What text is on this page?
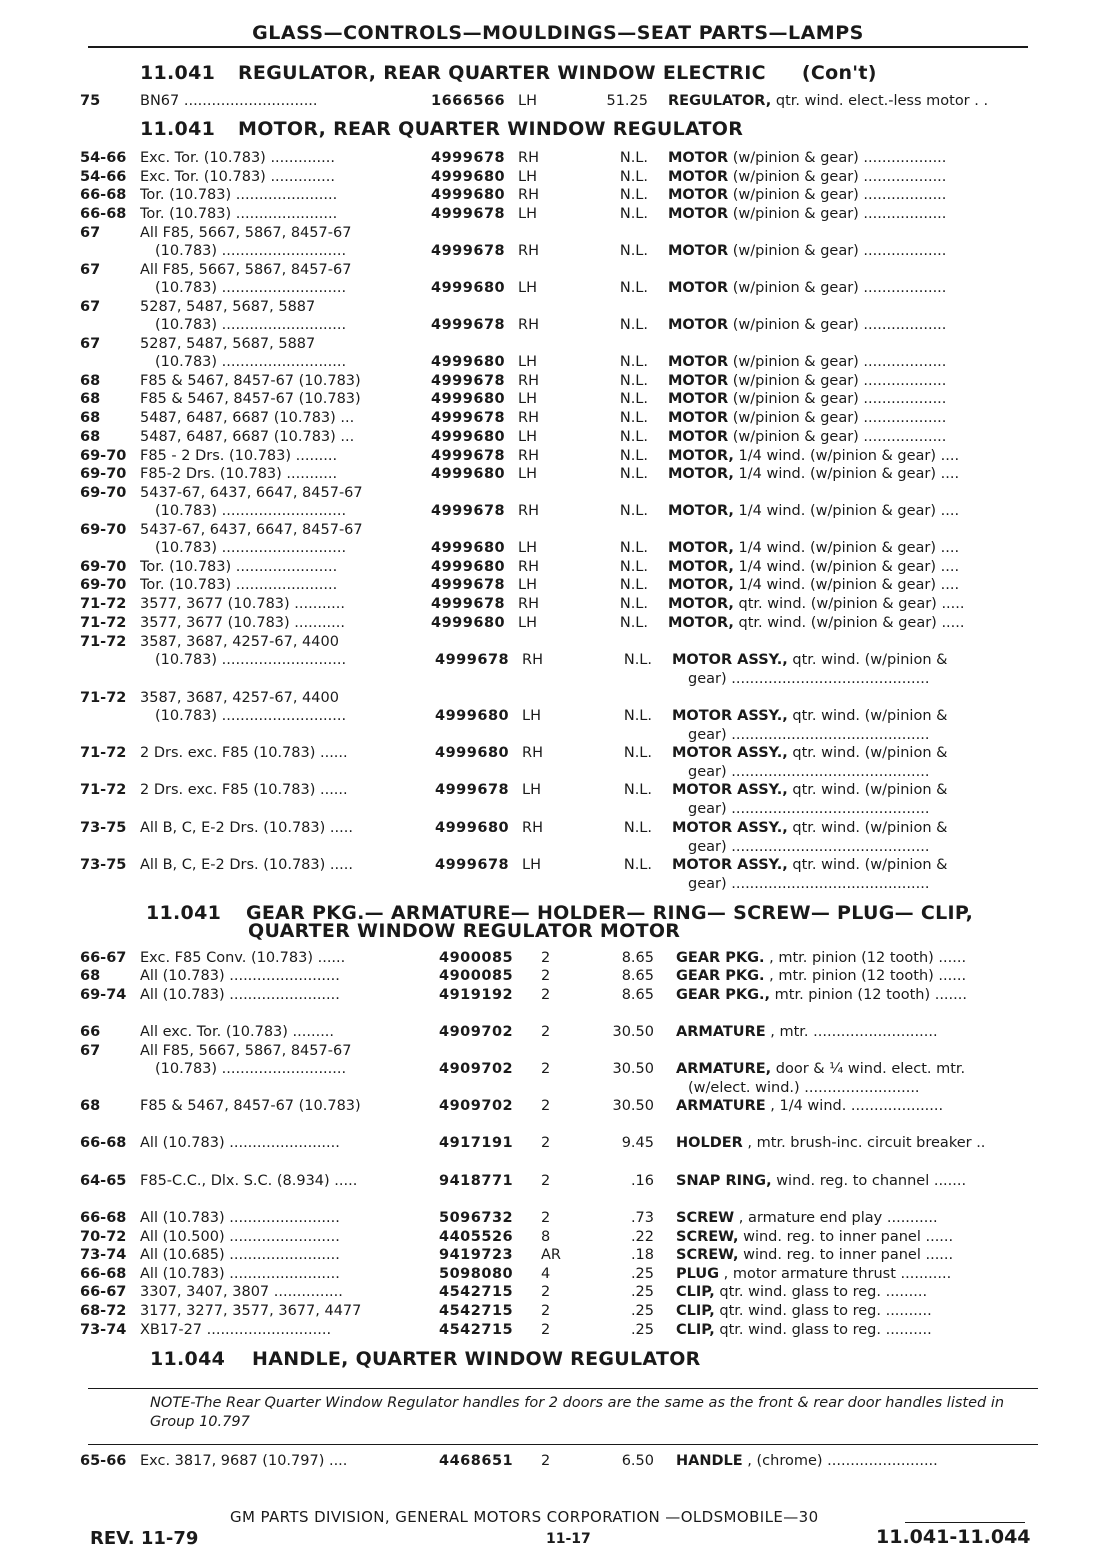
GLASS—CONTROLS—MOULDINGS—SEAT PARTS—LAMPS
11.041 REGULATOR, REAR QUARTER WINDOW ELECTRIC (Con't)
11.041 MOTOR, REAR QUARTER WINDOW REGULATOR
11.041 GEAR PKG.— ARMATURE— HOLDER— RING— SCREW— PLUG— CLIP,
QUARTER WINDOW REGULATOR MOTOR
11.044 HANDLE, QUARTER WINDOW REGULATOR
75	BN67 .............................	1666566 LH	51.25 REGULATOR, qtr. wind. elect.-less motor . .
54-66 Exc. Tor. (10.783) ..............	4999678 RH	N.L. MOTOR (w/pinion & gear) ..................
54-66 Exc. Tor. (10.783) ..............	4999680 LH	N.L. MOTOR (w/pinion & gear) ..................
66-68 Tor. (10.783) ......................	4999680 RH	N.L. MOTOR (w/pinion & gear) ..................
66-68 Tor. (10.783) ......................	4999678 LH	N.L. MOTOR (w/pinion & gear) ..................
67	All F85, 5667, 5867, 8457-67
(10.783) ...........................	4999678 RH	N.L. MOTOR (w/pinion & gear) ..................
67	All F85, 5667, 5867, 8457-67
(10.783) ...........................	4999680 LH	N.L. MOTOR (w/pinion & gear) ..................
67	5287, 5487, 5687, 5887
(10.783) ...........................	4999678 RH	N.L. MOTOR (w/pinion & gear) ..................
67	5287, 5487, 5687, 5887
(10.783) ...........................	4999680 LH	N.L. MOTOR (w/pinion & gear) ..................
68	F85 & 5467, 8457-67 (10.783)	4999678 RH	N.L. MOTOR (w/pinion & gear) ..................
68	F85 & 5467, 8457-67 (10.783)	4999680 LH	N.L. MOTOR (w/pinion & gear) ..................
68	5487, 6487, 6687 (10.783) ...	4999678 RH	N.L. MOTOR (w/pinion & gear) ..................
68	5487, 6487, 6687 (10.783) ...	4999680 LH	N.L. MOTOR (w/pinion & gear) ..................
69-70 F85 - 2 Drs. (10.783) .........	4999678 RH	N.L. MOTOR, 1/4 wind. (w/pinion & gear) ....
69-70 F85-2 Drs. (10.783) ...........	4999680 LH	N.L. MOTOR, 1/4 wind. (w/pinion & gear) ....
69-70 5437-67, 6437, 6647, 8457-67
(10.783) ...........................	4999678 RH	N.L. MOTOR, 1/4 wind. (w/pinion & gear) ....
69-70 5437-67, 6437, 6647, 8457-67
(10.783) ...........................	4999680 LH	N.L. MOTOR, 1/4 wind. (w/pinion & gear) ....
69-70 Tor. (10.783) ......................	4999680 RH	N.L. MOTOR, 1/4 wind. (w/pinion & gear) ....
69-70 Tor. (10.783) ......................	4999678 LH	N.L. MOTOR, 1/4 wind. (w/pinion & gear) ....
71-72 3577, 3677 (10.783) ...........	4999678 RH	N.L. MOTOR, qtr. wind. (w/pinion & gear) .....
71-72 3577, 3677 (10.783) ...........	4999680 LH	N.L. MOTOR, qtr. wind. (w/pinion & gear) .....
71-72 3587, 3687, 4257-67, 4400
(10.783) ...........................	4999678 RH	N.L. MOTOR ASSY., qtr. wind. (w/pinion &
gear) ...........................................
71-72 3587, 3687, 4257-67, 4400
(10.783) ...........................	4999680 LH	N.L. MOTOR ASSY., qtr. wind. (w/pinion &
gear) ...........................................
71-72 2 Drs. exc. F85 (10.783) ......	4999680 RH	N.L. MOTOR ASSY., qtr. wind. (w/pinion &
gear) ...........................................
71-72 2 Drs. exc. F85 (10.783) ......	4999678 LH	N.L. MOTOR ASSY., qtr. wind. (w/pinion &
gear) ...........................................
73-75 All B, C, E-2 Drs. (10.783) .....	4999680 RH	N.L. MOTOR ASSY., qtr. wind. (w/pinion &
gear) ...........................................
73-75 All B, C, E-2 Drs. (10.783) .....	4999678 LH	N.L. MOTOR ASSY., qtr. wind. (w/pinion &
gear) ...........................................
66-67 Exc. F85 Conv. (10.783) ......	4900085 2	8.65 GEAR PKG. , mtr. pinion (12 tooth) ......
68	All (10.783) ........................	4900085 2	8.65 GEAR PKG. , mtr. pinion (12 tooth) ......
69-74 All (10.783) ........................	4919192 2	8.65 GEAR PKG., mtr. pinion (12 tooth) .......
66	All exc. Tor. (10.783) .........	4909702 2	30.50 ARMATURE , mtr. ...........................
67	All F85, 5667, 5867, 8457-67
(10.783) ...........................	4909702 2	30.50 ARMATURE, door & ¼ wind. elect. mtr.
(w/elect. wind.) .........................
68	F85 & 5467, 8457-67 (10.783)	4909702 2	30.50 ARMATURE , 1/4 wind. ....................
66-68 All (10.783) ........................	4917191 2	9.45 HOLDER , mtr. brush-inc. circuit breaker ..
64-65 F85-C.C., Dlx. S.C. (8.934) .....	9418771 2	.16 SNAP RING, wind. reg. to channel .......
66-68 All (10.783) ........................	5096732 2	.73 SCREW , armature end play ...........
70-72 All (10.500) ........................	4405526 8	.22 SCREW, wind. reg. to inner panel ......
73-74 All (10.685) ........................	9419723 AR	.18 SCREW, wind. reg. to inner panel ......
66-68 All (10.783) ........................	5098080 4	.25 PLUG , motor armature thrust ...........
66-67 3307, 3407, 3807 ...............	4542715 2	.25 CLIP, qtr. wind. glass to reg. .........
68-72 3177, 3277, 3577, 3677, 4477	4542715 2	.25 CLIP, qtr. wind. glass to reg. ..........
73-74 XB17-27 ...........................	4542715 2	.25 CLIP, qtr. wind. glass to reg. ..........
65-66 Exc. 3817, 9687 (10.797) ....	4468651 2	6.50 HANDLE , (chrome) ........................
NOTE-The Rear Quarter Window Regulator handles for 2 doors are the same as the front & rear door handles listed in Group 10.797
GM PARTS DIVISION, GENERAL MOTORS CORPORATION —OLDSMOBILE—30
REV. 11-79	11-17	11.041-11.044
